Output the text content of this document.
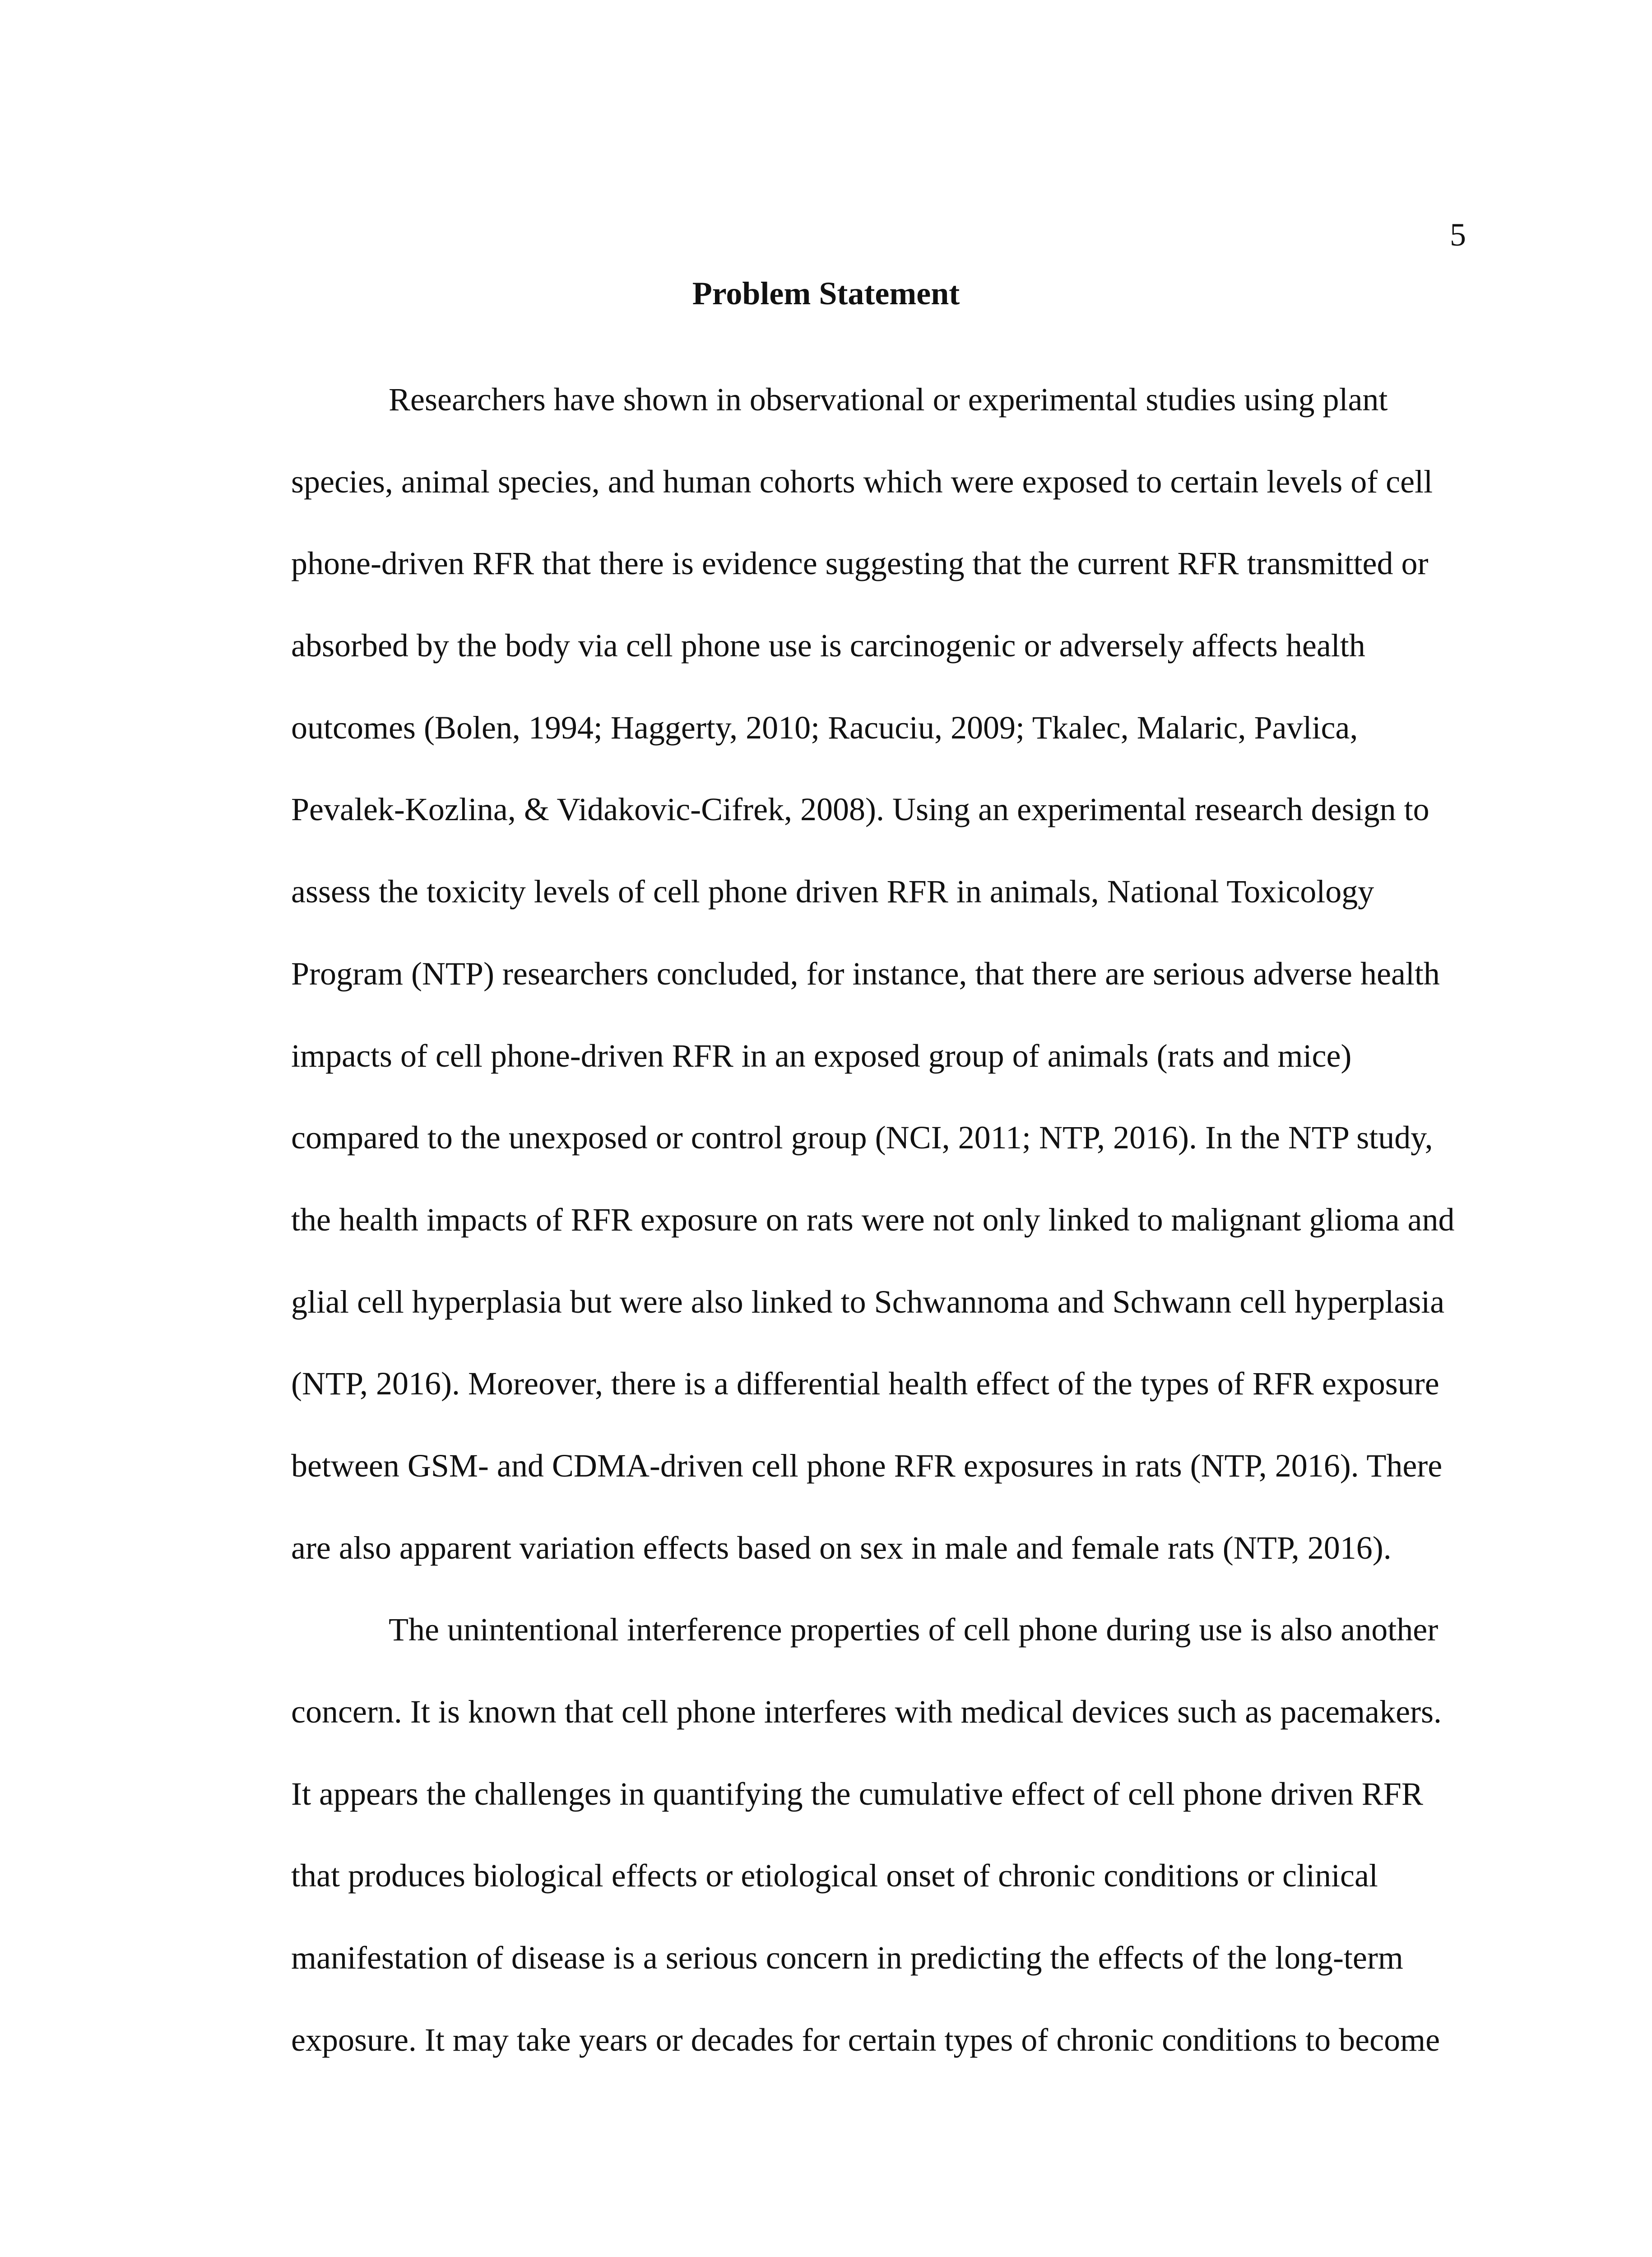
5
Problem Statement
Researchers have shown in observational or experimental studies using plant
species, animal species, and human cohorts which were exposed to certain levels of cell
phone-driven RFR that there is evidence suggesting that the current RFR transmitted or
absorbed by the body via cell phone use is carcinogenic or adversely affects health
outcomes (Bolen, 1994; Haggerty, 2010; Racuciu, 2009; Tkalec, Malaric, Pavlica,
Pevalek-Kozlina, & Vidakovic-Cifrek, 2008). Using an experimental research design to
assess the toxicity levels of cell phone driven RFR in animals, National Toxicology
Program (NTP) researchers concluded, for instance, that there are serious adverse health
impacts of cell phone-driven RFR in an exposed group of animals (rats and mice)
compared to the unexposed or control group (NCI, 2011; NTP, 2016). In the NTP study,
the health impacts of RFR exposure on rats were not only linked to malignant glioma and
glial cell hyperplasia but were also linked to Schwannoma and Schwann cell hyperplasia
(NTP, 2016). Moreover, there is a differential health effect of the types of RFR exposure
between GSM- and CDMA-driven cell phone RFR exposures in rats (NTP, 2016). There
are also apparent variation effects based on sex in male and female rats (NTP, 2016).
The unintentional interference properties of cell phone during use is also another
concern. It is known that cell phone interferes with medical devices such as pacemakers.
It appears the challenges in quantifying the cumulative effect of cell phone driven RFR
that produces biological effects or etiological onset of chronic conditions or clinical
manifestation of disease is a serious concern in predicting the effects of the long-term
exposure. It may take years or decades for certain types of chronic conditions to become
